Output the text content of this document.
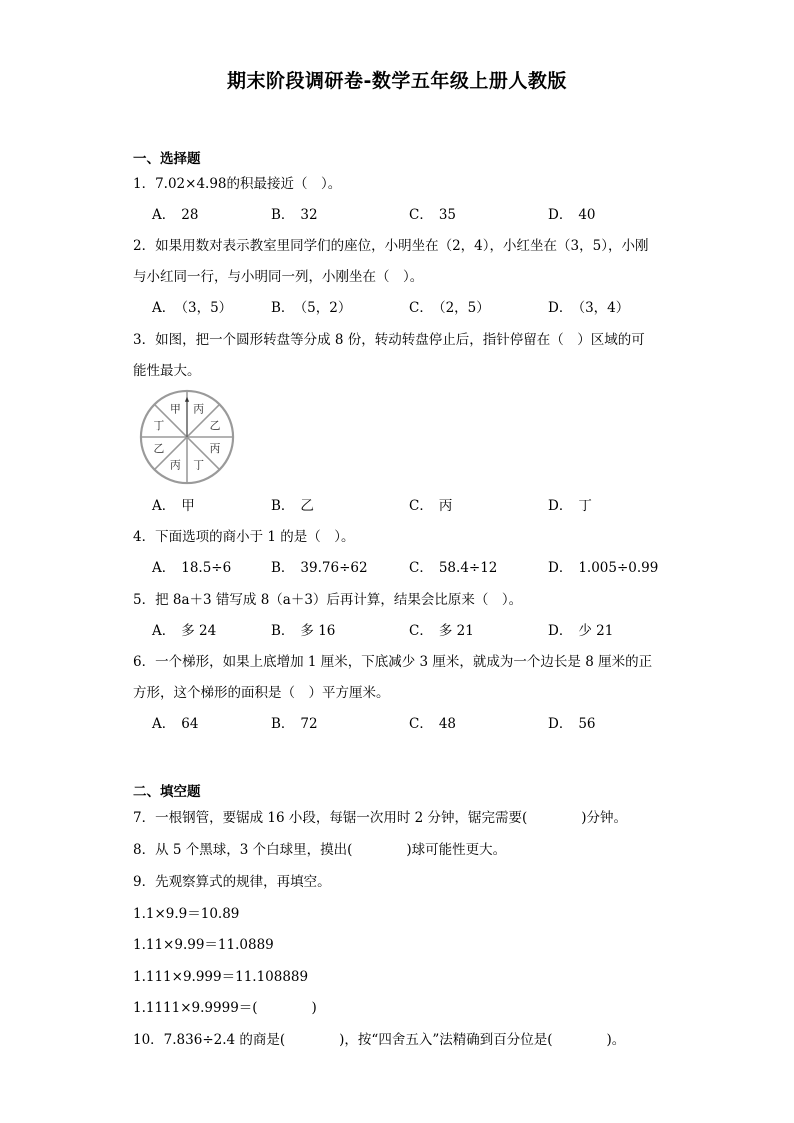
期末阶段调研卷-数学五年级上册人教版
一、选择题
1．7.02×4.98的积最接近（　）。
A． 28	B． 32	C． 35	D． 40
2．如果用数对表示教室里同学们的座位，小明坐在（2，4），小红坐在（3，5），小刚
与小红同一行，与小明同一列，小刚坐在（　）。
A． （3，5）	B． （5，2）	C． （2，5）	D． （3，4）
3．如图，把一个圆形转盘等分成 8 份，转动转盘停止后，指针停留在（　）区域的可
能性最大。
甲 丙
乙
丙
丁
丙
乙
丁
A． 甲	B． 乙	C． 丙	D． 丁
4．下面选项的商小于 1 的是（　）。
A． 18.5÷6	B． 39.76÷62	C． 58.4÷12	D． 1.005÷0.99
5．把 8a＋3 错写成 8（a＋3）后再计算，结果会比原来（　）。
A． 多 24	B． 多 16	C． 多 21	D． 少 21
6．一个梯形，如果上底增加 1 厘米，下底减少 3 厘米，就成为一个边长是 8 厘米的正
方形，这个梯形的面积是（　）平方厘米。
A． 64	B． 72	C． 48	D． 56
二、填空题
7．一根钢管，要锯成 16 小段，每锯一次用时 2 分钟，锯完需要(　　　　)分钟。
8．从 5 个黑球，3 个白球里，摸出(　　　　)球可能性更大。
9．先观察算式的规律，再填空。
1.1×9.9＝10.89
1.11×9.99＝11.0889
1.111×9.999＝11.108889
1.1111×9.9999＝(　　　　)
10．7.836÷2.4 的商是(　　　　)，按“四舍五入”法精确到百分位是(　　　　)。
